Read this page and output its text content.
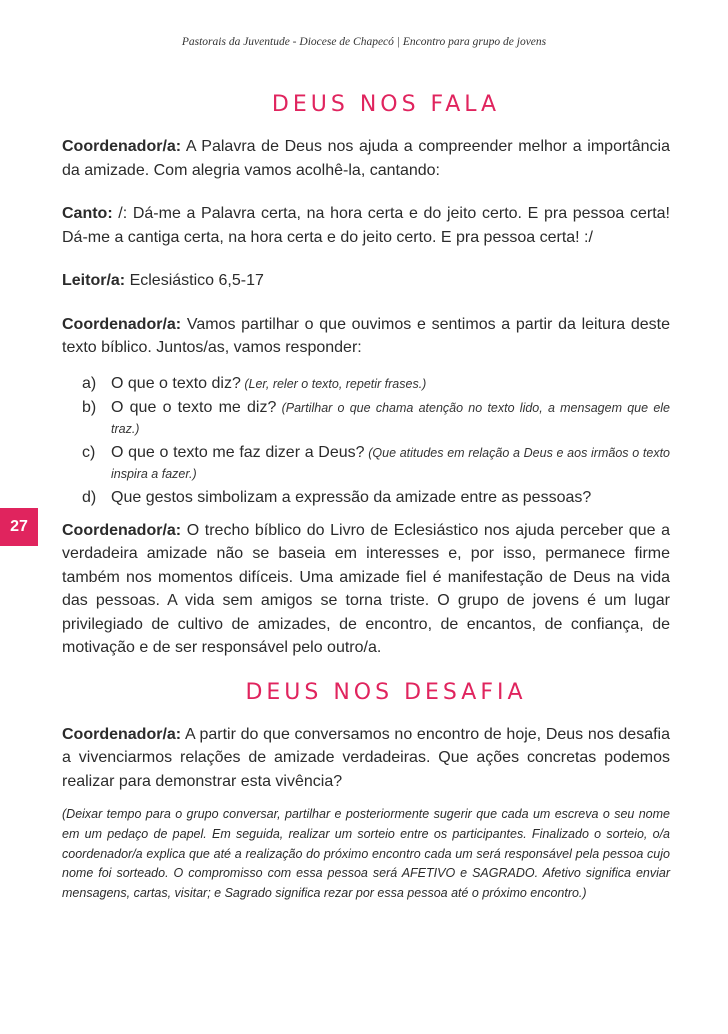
Pastorais da Juventude - Diocese de Chapecó | Encontro para grupo de jovens
27
DEUS NOS FALA

Coordenador/a: A Palavra de Deus nos ajuda a compreender melhor a importância da amizade. Com alegria vamos acolhê-la, cantando:

Canto: /: Dá-me a Palavra certa, na hora certa e do jeito certo. E pra pessoa certa! Dá-me a cantiga certa, na hora certa e do jeito certo. E pra pessoa certa! :/

Leitor/a: Eclesiástico 6,5-17

Coordenador/a: Vamos partilhar o que ouvimos e sentimos a partir da leitura deste texto bíblico. Juntos/as, vamos responder:

a) O que o texto diz? (Ler, reler o texto, repetir frases.)
b) O que o texto me diz? (Partilhar o que chama atenção no texto lido, a mensagem que ele traz.)
c) O que o texto me faz dizer a Deus? (Que atitudes em relação a Deus e aos irmãos o texto inspira a fazer.)
d) Que gestos simbolizam a expressão da amizade entre as pessoas?

Coordenador/a: O trecho bíblico do Livro de Eclesiástico nos ajuda perceber que a verdadeira amizade não se baseia em interesses e, por isso, permanece firme também nos momentos difíceis. Uma amizade fiel é manifestação de Deus na vida das pessoas. A vida sem amigos se torna triste. O grupo de jovens é um lugar privilegiado de cultivo de amizades, de encontro, de encantos, de confiança, de motivação e de ser responsável pelo outro/a.

DEUS NOS DESAFIA

Coordenador/a: A partir do que conversamos no encontro de hoje, Deus nos desafia a vivenciarmos relações de amizade verdadeiras. Que ações concretas podemos realizar para demonstrar esta vivência?

(Deixar tempo para o grupo conversar, partilhar e posteriormente sugerir que cada um escreva o seu nome em um pedaço de papel. Em seguida, realizar um sorteio entre os participantes. Finalizado o sorteio, o/a coordenador/a explica que até a realização do próximo encontro cada um será responsável pela pessoa cujo nome foi sorteado. O compromisso com essa pessoa será AFETIVO e SAGRADO. Afetivo significa enviar mensagens, cartas, visitar; e Sagrado significa rezar por essa pessoa até o próximo encontro.)
